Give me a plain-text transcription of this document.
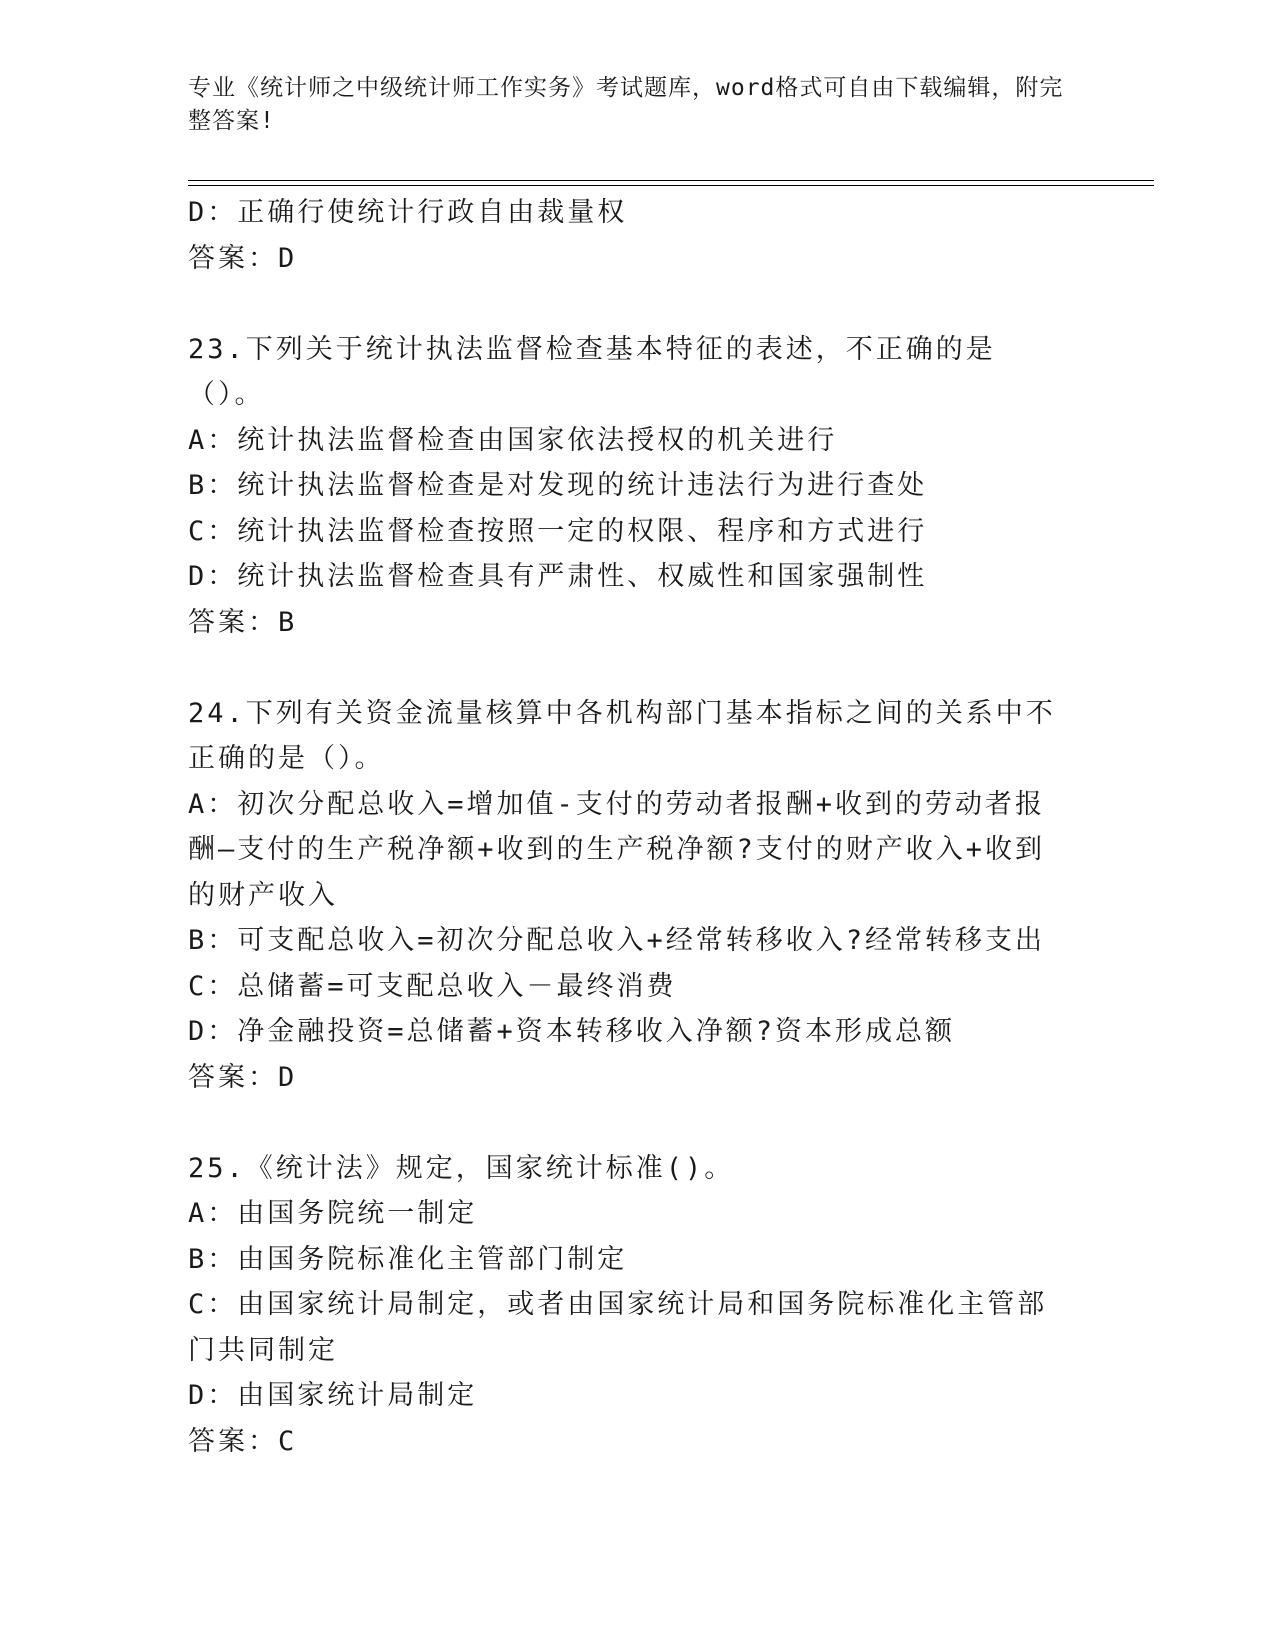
专业《统计师之中级统计师工作实务》考试题库，word格式可自由下载编辑，附完整答案!
D：正确行使统计行政自由裁量权
答案：D
23.下列关于统计执法监督检查基本特征的表述，不正确的是（）。
A：统计执法监督检查由国家依法授权的机关进行
B：统计执法监督检查是对发现的统计违法行为进行查处
C：统计执法监督检查按照一定的权限、程序和方式进行
D：统计执法监督检查具有严肃性、权威性和国家强制性
答案：B
24.下列有关资金流量核算中各机构部门基本指标之间的关系中不正确的是（）。
A：初次分配总收入=增加值-支付的劳动者报酬+收到的劳动者报酬—支付的生产税净额+收到的生产税净额?支付的财产收入+收到的财产收入
B：可支配总收入=初次分配总收入+经常转移收入?经常转移支出
C：总储蓄=可支配总收入－最终消费
D：净金融投资=总储蓄+资本转移收入净额?资本形成总额
答案：D
25.《统计法》规定，国家统计标准()。
A：由国务院统一制定
B：由国务院标准化主管部门制定
C：由国家统计局制定，或者由国家统计局和国务院标准化主管部门共同制定
D：由国家统计局制定
答案：C
